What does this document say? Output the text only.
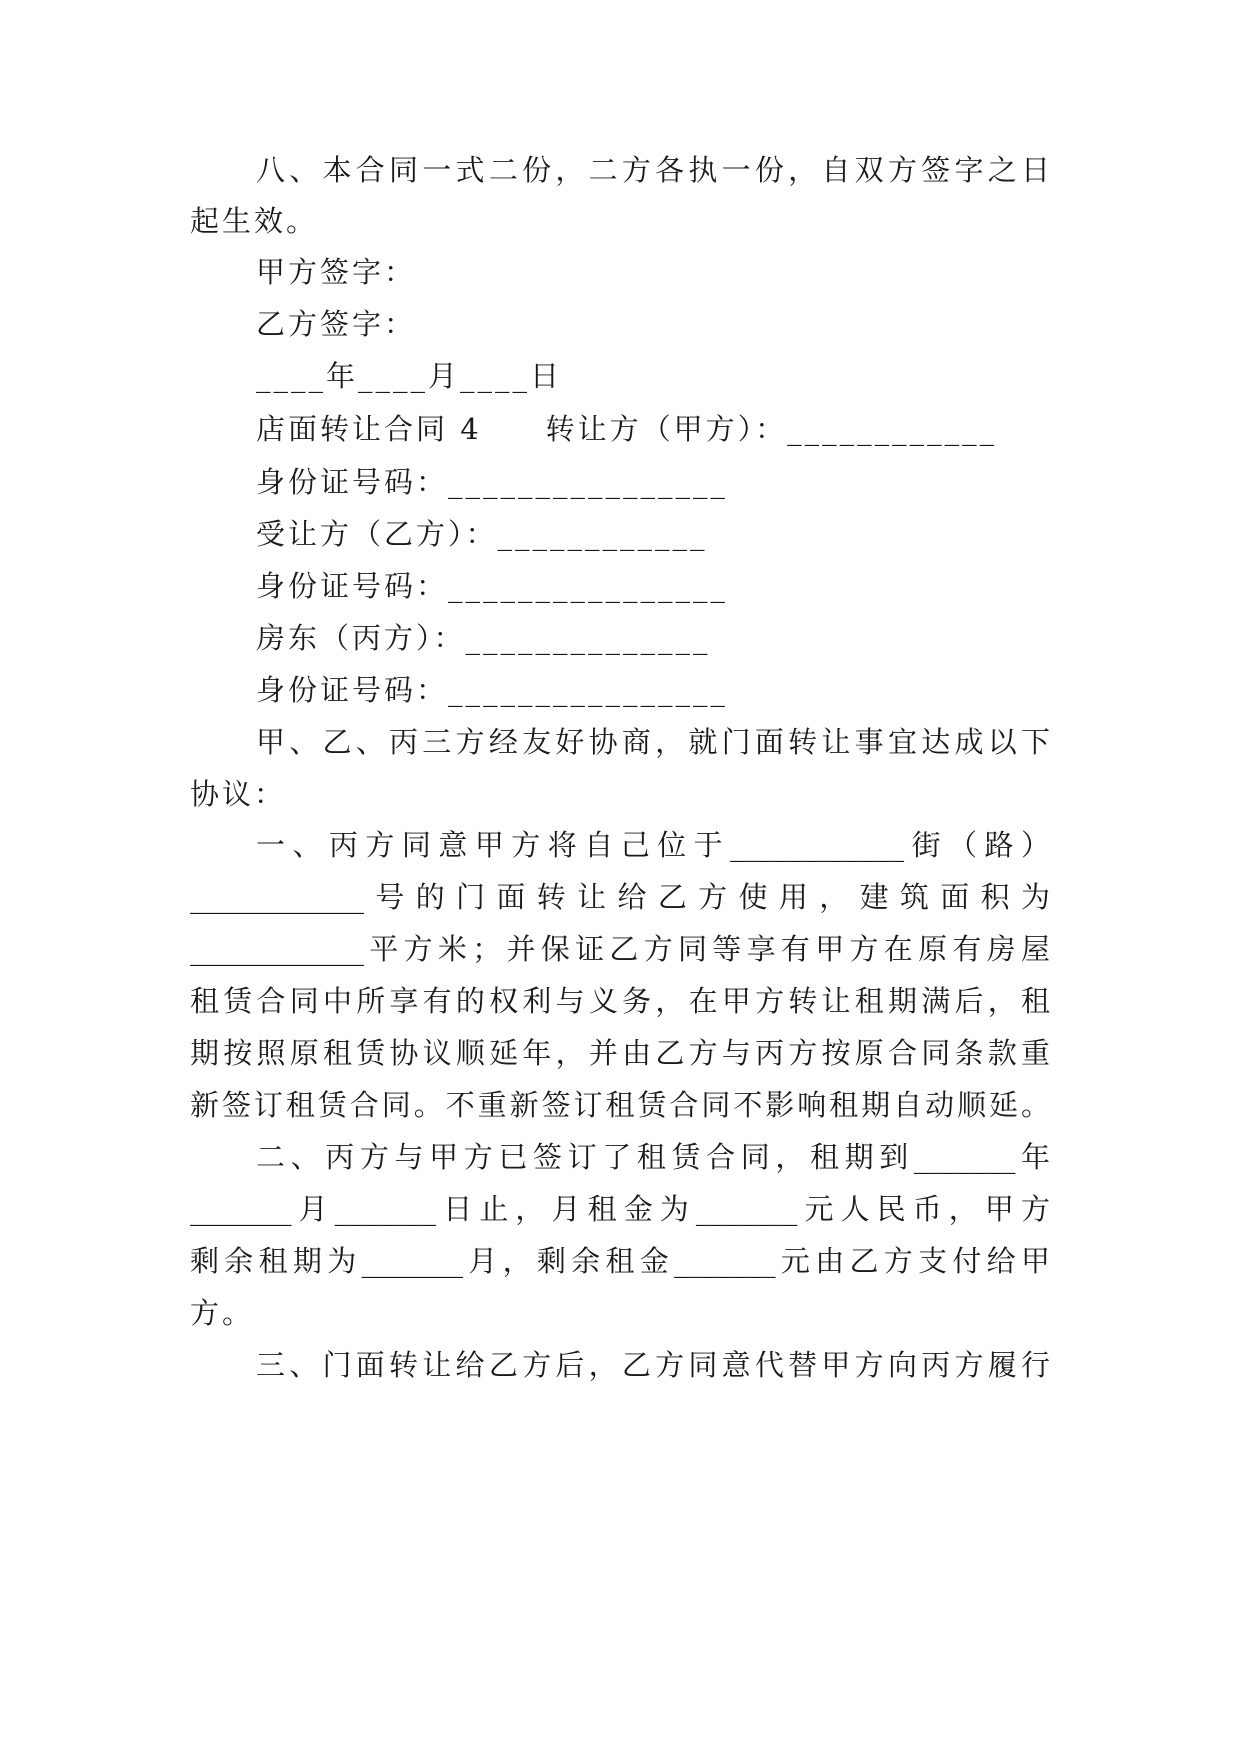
八、本合同一式二份，二方各执一份，自双方签字之日
起生效。
甲方签字：
乙方签字：
____年____月____日
店面转让合同 4　　转让方（甲方）：____________
身份证号码：________________
受让方（乙方）：____________
身份证号码：________________
房东（丙方）：______________
身份证号码：________________
甲、乙、丙三方经友好协商，就门面转让事宜达成以下
协议：
一、丙方同意甲方将自己位于____________街（路）
____________号的门面转让给乙方使用，建筑面积为
____________平方米；并保证乙方同等享有甲方在原有房屋
租赁合同中所享有的权利与义务，在甲方转让租期满后，租
期按照原租赁协议顺延年，并由乙方与丙方按原合同条款重
新签订租赁合同。不重新签订租赁合同不影响租期自动顺延。
二、丙方与甲方已签订了租赁合同，租期到_______年
_______月_______日止，月租金为_______元人民币，甲方
剩余租期为_______月，剩余租金_______元由乙方支付给甲
方。
三、门面转让给乙方后，乙方同意代替甲方向丙方履行
